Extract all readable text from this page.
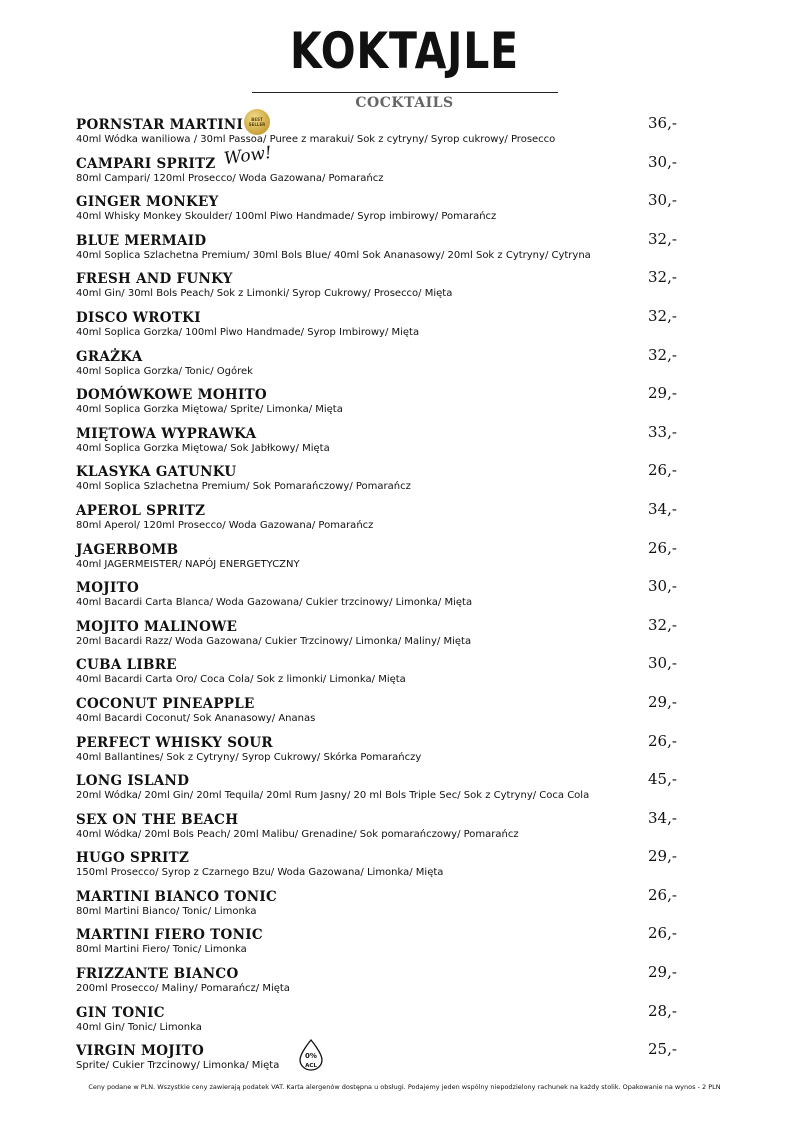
KOKTAJLE
COCKTAILS
PORNSTAR MARTINI	BEST SELLER
40ml Wódka waniliowa / 30ml Passoa/ Puree z marakui/ Sok z cytryny/ Syrop cukrowy/ Prosecco
36,-
CAMPARI SPRITZ Wow!
80ml Campari/ 120ml Prosecco/ Woda Gazowana/ Pomarańcz
30,-
GINGER MONKEY
40ml Whisky Monkey Skoulder/ 100ml Piwo Handmade/ Syrop imbirowy/ Pomarańcz
30,-
BLUE MERMAID
40ml Soplica Szlachetna Premium/ 30ml Bols Blue/ 40ml Sok Ananasowy/ 20ml Sok z Cytryny/ Cytryna
32,-
FRESH AND FUNKY
40ml Gin/ 30ml Bols Peach/ Sok z Limonki/ Syrop Cukrowy/ Prosecco/ Mięta
32,-
DISCO WROTKI
40ml Soplica Gorzka/ 100ml Piwo Handmade/ Syrop Imbirowy/ Mięta
32,-
GRAŻKA
40ml Soplica Gorzka/ Tonic/ Ogórek
32,-
DOMÓWKOWE MOHITO
40ml Soplica Gorzka Miętowa/ Sprite/ Limonka/ Mięta
29,-
MIĘTOWA WYPRAWKA
40ml Soplica Gorzka Miętowa/ Sok Jabłkowy/ Mięta
33,-
KLASYKA GATUNKU
40ml Soplica Szlachetna Premium/ Sok Pomarańczowy/ Pomarańcz
26,-
APEROL SPRITZ
80ml Aperol/ 120ml Prosecco/ Woda Gazowana/ Pomarańcz
34,-
JAGERBOMB
40ml JAGERMEISTER/ NAPÓJ ENERGETYCZNY
26,-
MOJITO
40ml Bacardi Carta Blanca/ Woda Gazowana/ Cukier trzcinowy/ Limonka/ Mięta
30,-
MOJITO MALINOWE
20ml Bacardi Razz/ Woda Gazowana/ Cukier Trzcinowy/ Limonka/ Maliny/ Mięta
32,-
CUBA LIBRE
40ml Bacardi Carta Oro/ Coca Cola/ Sok z limonki/ Limonka/ Mięta
30,-
COCONUT PINEAPPLE
40ml Bacardi Coconut/ Sok Ananasowy/ Ananas
29,-
PERFECT WHISKY SOUR
40ml Ballantines/ Sok z Cytryny/ Syrop Cukrowy/ Skórka Pomarańczy
26,-
LONG ISLAND
20ml Wódka/ 20ml Gin/ 20ml Tequila/ 20ml Rum Jasny/ 20 ml Bols Triple Sec/ Sok z Cytryny/ Coca Cola
45,-
SEX ON THE BEACH
40ml Wódka/ 20ml Bols Peach/ 20ml Malibu/ Grenadine/ Sok pomarańczowy/ Pomarańcz
34,-
HUGO SPRITZ
150ml Prosecco/ Syrop z Czarnego Bzu/ Woda Gazowana/ Limonka/ Mięta
29,-
MARTINI BIANCO TONIC
80ml Martini Bianco/ Tonic/ Limonka
26,-
MARTINI FIERO TONIC
80ml Martini Fiero/ Tonic/ Limonka
26,-
FRIZZANTE BIANCO
200ml Prosecco/ Maliny/ Pomarańcz/ Mięta
29,-
GIN TONIC
40ml Gin/ Tonic/ Limonka
28,-
VIRGIN MOJITO	0%
ACL
Sprite/ Cukier Trzcinowy/ Limonka/ Mięta
25,-
Ceny podane w PLN. Wszystkie ceny zawierają podatek VAT. Karta alergenów dostępna u obsługi. Podajemy jeden wspólny niepodzielony rachunek na każdy stolik. Opakowanie na wynos - 2 PLN
